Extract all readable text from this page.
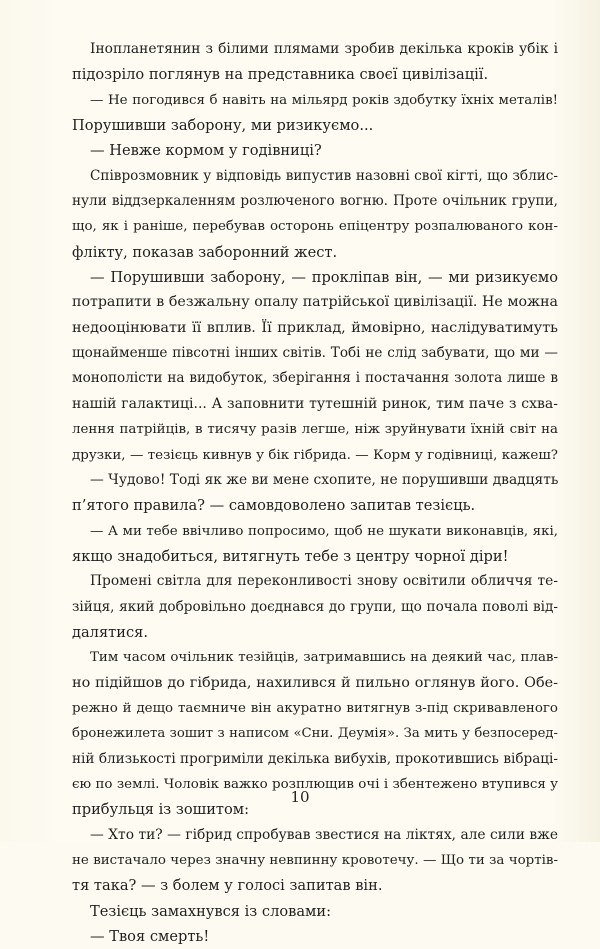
Інопланетянин з білими плямами зробив декілька кроків убік і
підозріло поглянув на представника своєї цивілізації.
— Не погодився б навіть на мільярд років здобутку їхніх металів!
Порушивши заборону, ми ризикуємо...
— Невже кормом у годівниці?
Співрозмовник у відповідь випустив назовні свої кігті, що зблис-
нули віддзеркаленням розлюченого вогню. Проте очільник групи,
що, як і раніше, перебував осторонь епіцентру розпалюваного кон-
флікту, показав заборонний жест.
— Порушивши заборону, — проклiпав він, — ми ризикуємо
потрапити в безжальну опалу патрійської цивілізації. Не можна
недооцінювати її вплив. Її приклад, ймовірно, наслідуватимуть
щонайменше півсотні інших світів. Тобі не слід забувати, що ми —
монополісти на видобуток, зберігання і постачання золота лише в
нашій галактиці... А заповнити тутешній ринок, тим паче з схва-
лення патрійців, в тисячу разів легше, ніж зруйнувати їхній світ на
друзки, — тезієць кивнув у бік гібрида. — Корм у годівниці, кажеш?
— Чудово! Тоді як же ви мене схопите, не порушивши двадцять
п’ятого правила? — самовдоволено запитав тезієць.
— А ми тебе ввічливо попросимо, щоб не шукати виконавців, які,
якщо знадобиться, витягнуть тебе з центру чорної діри!
Промені світла для переконливості знову освітили обличчя те-
зійця, який добровільно доєднався до групи, що почала поволі від-
далятися.
Тим часом очільник тезійців, затримавшись на деякий час, плав-
но підійшов до гібрида, нахилився й пильно оглянув його. Обе-
режно й дещо таємниче він акуратно витягнув з-під скривавленого
бронежилета зошит з написом «Сни. Деумія». За мить у безпосеред-
ній близькості прогриміли декілька вибухів, прокотившись вібраці-
єю по землі. Чоловік важко розплющив очі і збентежено втупився у
прибульця із зошитом:
— Хто ти? — гібрид спробував звестися на ліктях, але сили вже
не вистачало через значну невпинну кровотечу. — Що ти за чортів-
тя така? — з болем у голосі запитав він.
Тезієць замахнувся із словами:
— Твоя смерть!
10
